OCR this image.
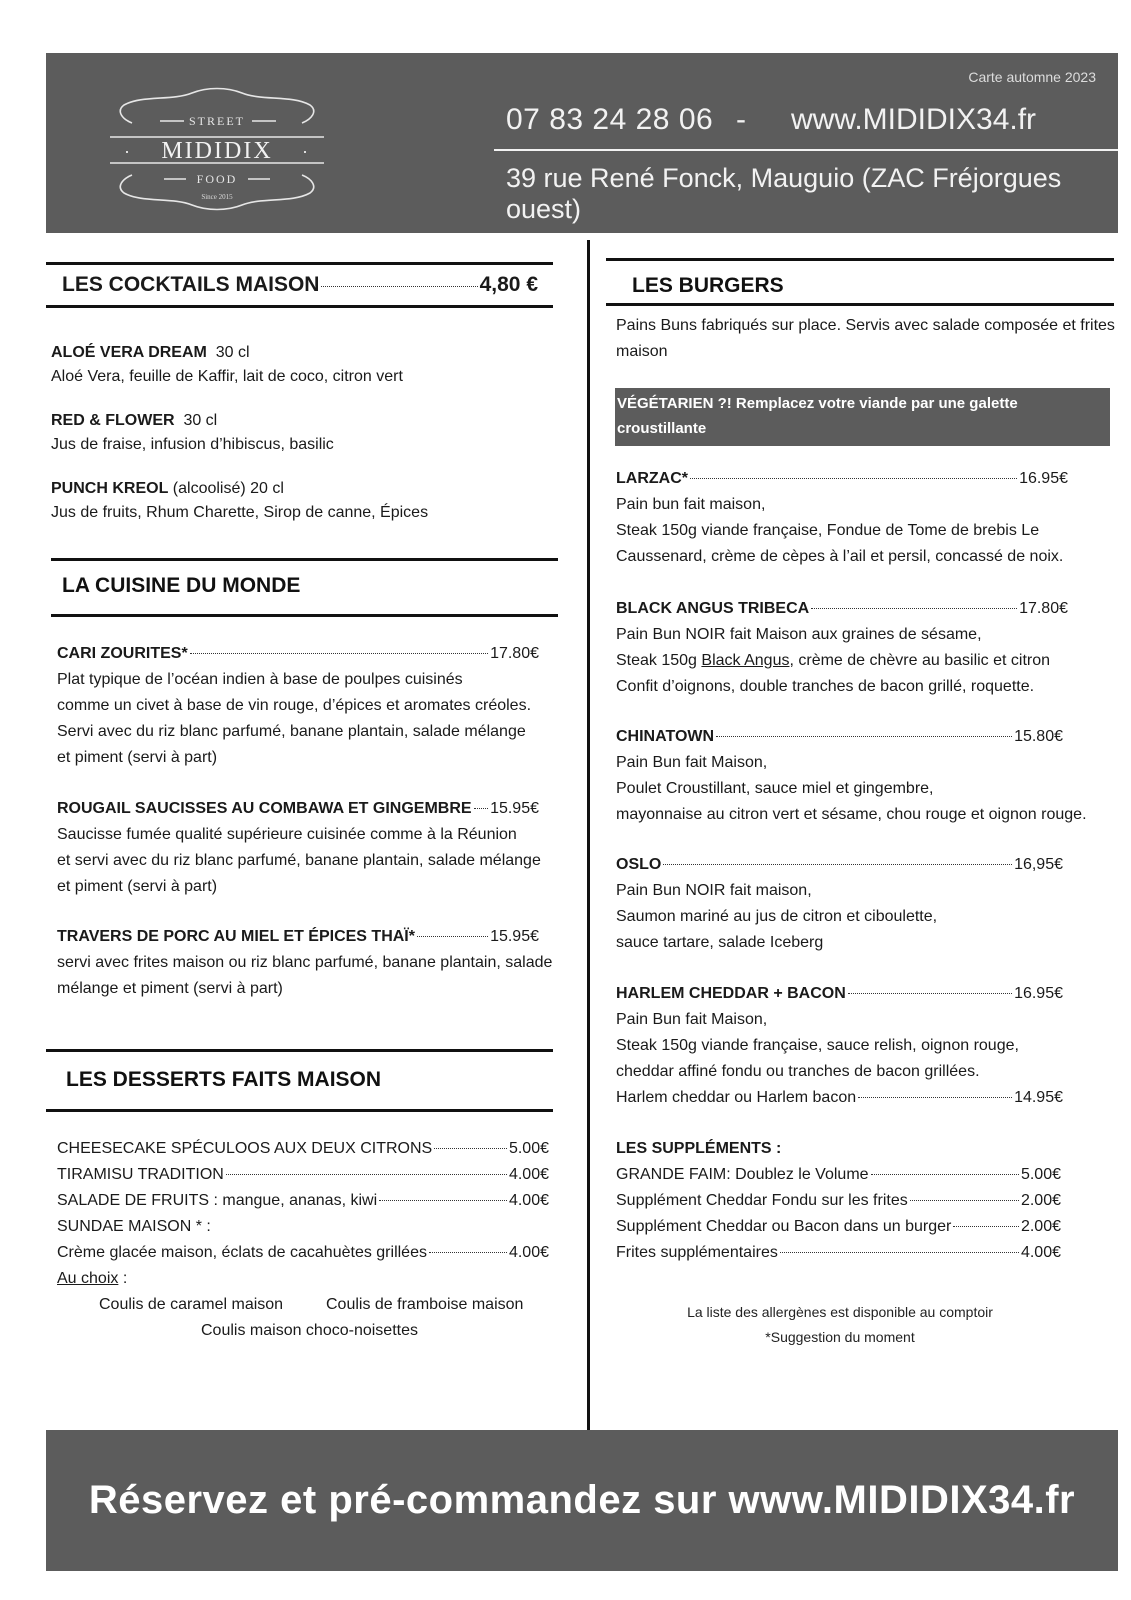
STREET
MIDIDIX
·	·
FOOD
Since 2015
Carte automne 2023
07 83 24 28 06 - www.MIDIDIX34.fr
39 rue René Fonck, Mauguio (ZAC Fréjorgues ouest)
LES COCKTAILS MAISON	4,80 €
ALOÉ VERA DREAM 30 cl
Aloé Vera, feuille de Kaffir, lait de coco, citron vert
RED & FLOWER 30 cl
Jus de fraise, infusion d’hibiscus, basilic
PUNCH KREOL (alcoolisé) 20 cl
Jus de fruits, Rhum Charette, Sirop de canne, Épices
LA CUISINE DU MONDE
CARI ZOURITES*	17.80€
Plat typique de l’océan indien à base de poulpes cuisinés
comme un civet à base de vin rouge, d’épices et aromates créoles.
Servi avec du riz blanc parfumé, banane plantain, salade mélange
et piment (servi à part)
ROUGAIL SAUCISSES AU COMBAWA ET GINGEMBRE 15.95€
Saucisse fumée qualité supérieure cuisinée comme à la Réunion
et servi avec du riz blanc parfumé, banane plantain, salade mélange
et piment (servi à part)
TRAVERS DE PORC AU MIEL ET ÉPICES THAÏ*	15.95€
servi avec frites maison ou riz blanc parfumé, banane plantain, salade
mélange et piment (servi à part)
LES DESSERTS FAITS MAISON
CHEESECAKE SPÉCULOOS AUX DEUX CITRONS	5.00€
TIRAMISU TRADITION	4.00€
SALADE DE FRUITS : mangue, ananas, kiwi	4.00€
SUNDAE MAISON * :
Crème glacée maison, éclats de cacahuètes grillées	4.00€
Au choix :
Coulis de caramel maison	Coulis de framboise maison
Coulis maison choco-noisettes
LES BURGERS
Pains Buns fabriqués sur place. Servis avec salade composée et frites
maison
VÉGÉTARIEN ?! Remplacez votre viande par une galette croustillante
(cromesquis céréales, épinard et fromage)
LARZAC*	16.95€
Pain bun fait maison,
Steak 150g viande française, Fondue de Tome de brebis Le
Caussenard, crème de cèpes à l’ail et persil, concassé de noix.
BLACK ANGUS TRIBECA	17.80€
Pain Bun NOIR fait Maison aux graines de sésame,
Steak 150g Black Angus, crème de chèvre au basilic et citron
Confit d’oignons, double tranches de bacon grillé, roquette.
CHINATOWN	15.80€
Pain Bun fait Maison,
Poulet Croustillant, sauce miel et gingembre,
mayonnaise au citron vert et sésame, chou rouge et oignon rouge.
OSLO	16,95€
Pain Bun NOIR fait maison,
Saumon mariné au jus de citron et ciboulette,
sauce tartare, salade Iceberg
HARLEM CHEDDAR + BACON	16.95€
Pain Bun fait Maison,
Steak 150g viande française, sauce relish, oignon rouge,
cheddar affiné fondu ou tranches de bacon grillées.
Harlem cheddar ou Harlem bacon	14.95€
LES SUPPLÉMENTS :
GRANDE FAIM: Doublez le Volume	5.00€
Supplément Cheddar Fondu sur les frites	2.00€
Supplément Cheddar ou Bacon dans un burger	2.00€
Frites supplémentaires	4.00€
La liste des allergènes est disponible au comptoir
*Suggestion du moment
Réservez et pré-commandez sur www.MIDIDIX34.fr
